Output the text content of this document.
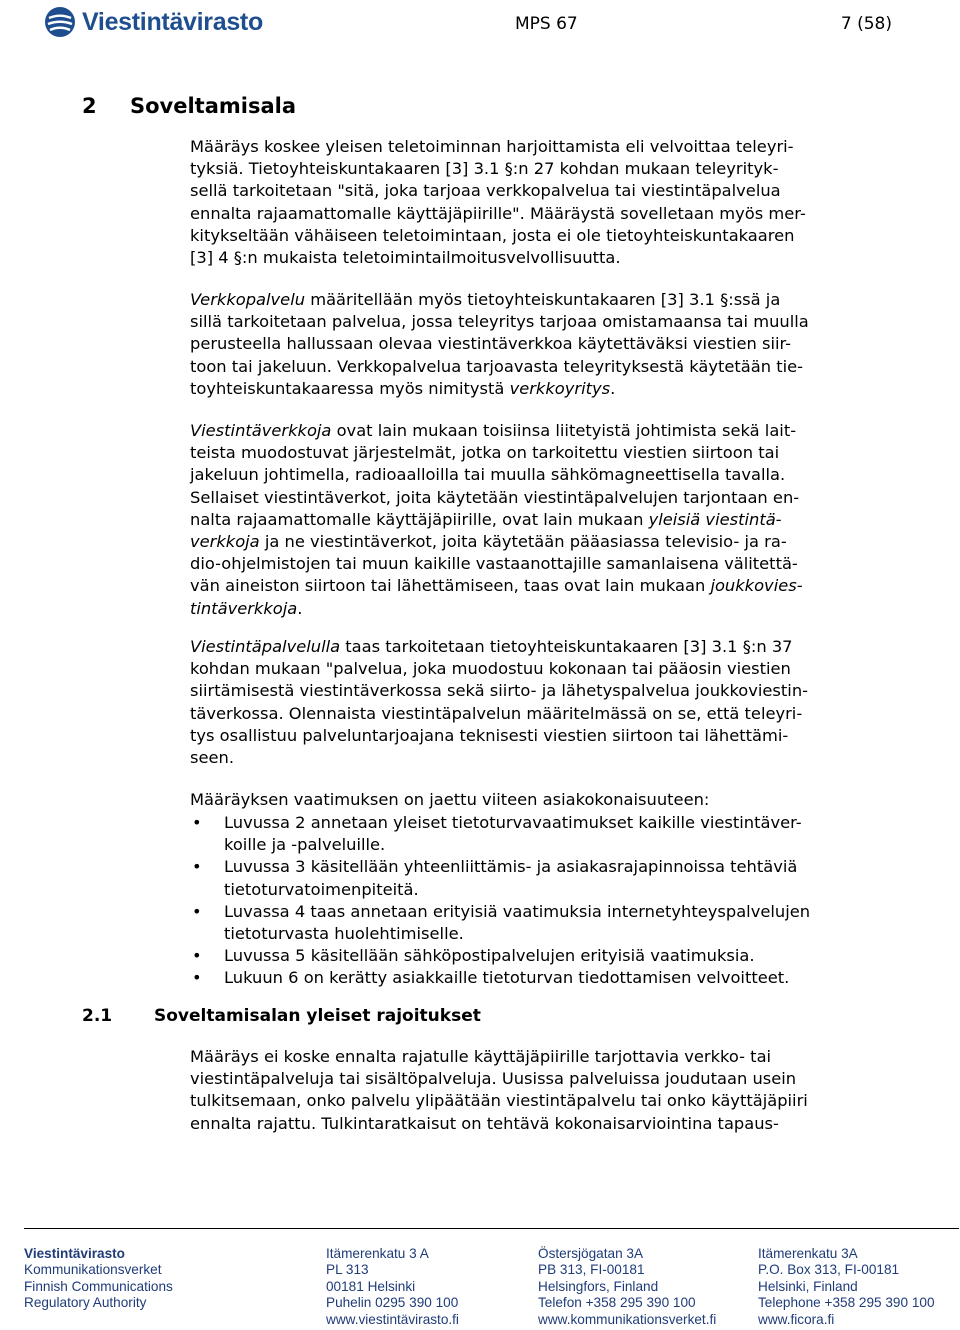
Viestintävirasto	MPS 67	7 (58)
2 Soveltamisala

Määräys koskee yleisen teletoiminnan harjoittamista eli velvoittaa teleyri-
tyksiä. Tietoyhteiskuntakaaren [3] 3.1 §:n 27 kohdan mukaan teleyrityk-
sellä tarkoitetaan "sitä, joka tarjoaa verkkopalvelua tai viestintäpalvelua
ennalta rajaamattomalle käyttäjäpiirille". Määräystä sovelletaan myös mer-
kitykseltään vähäiseen teletoimintaan, josta ei ole tietoyhteiskuntakaaren
[3] 4 §:n mukaista teletoimintailmoitusvelvollisuutta.

Verkkopalvelu määritellään myös tietoyhteiskuntakaaren [3] 3.1 §:ssä ja
sillä tarkoitetaan palvelua, jossa teleyritys tarjoaa omistamaansa tai muulla
perusteella hallussaan olevaa viestintäverkkoa käytettäväksi viestien siir-
toon tai jakeluun. Verkkopalvelua tarjoavasta teleyrityksestä käytetään tie-
toyhteiskuntakaaressa myös nimitystä verkkoyritys.

Viestintäverkkoja ovat lain mukaan toisiinsa liitetyistä johtimista sekä lait-
teista muodostuvat järjestelmät, jotka on tarkoitettu viestien siirtoon tai
jakeluun johtimella, radioaalloilla tai muulla sähkömagneettisella tavalla.
Sellaiset viestintäverkot, joita käytetään viestintäpalvelujen tarjontaan en-
nalta rajaamattomalle käyttäjäpiirille, ovat lain mukaan yleisiä viestintä-
verkkoja ja ne viestintäverkot, joita käytetään pääasiassa televisio- ja ra-
dio-ohjelmistojen tai muun kaikille vastaanottajille samanlaisena välitettä-
vän aineiston siirtoon tai lähettämiseen, taas ovat lain mukaan joukkovies-
tintäverkkoja.

Viestintäpalvelulla taas tarkoitetaan tietoyhteiskuntakaaren [3] 3.1 §:n 37
kohdan mukaan "palvelua, joka muodostuu kokonaan tai pääosin viestien
siirtämisestä viestintäverkossa sekä siirto- ja lähetyspalvelua joukkoviestin-
täverkossa. Olennaista viestintäpalvelun määritelmässä on se, että teleyri-
tys osallistuu palveluntarjoajana teknisesti viestien siirtoon tai lähettämi-
seen.

Määräyksen vaatimuksen on jaettu viiteen asiakokonaisuuteen:

• Luvussa 2 annetaan yleiset tietoturvavaatimukset kaikille viestintäver-
koille ja -palveluille.
• Luvussa 3 käsitellään yhteenliittämis- ja asiakasrajapinnoissa tehtäviä
tietoturvatoimenpiteitä.
• Luvassa 4 taas annetaan erityisiä vaatimuksia internetyhteyspalvelujen
tietoturvasta huolehtimiselle.
• Luvussa 5 käsitellään sähköpostipalvelujen erityisiä vaatimuksia.
• Lukuun 6 on kerätty asiakkaille tietoturvan tiedottamisen velvoitteet.
2.1 Soveltamisalan yleiset rajoitukset

Määräys ei koske ennalta rajatulle käyttäjäpiirille tarjottavia verkko- tai
viestintäpalveluja tai sisältöpalveluja. Uusissa palveluissa joudutaan usein
tulkitsemaan, onko palvelu ylipäätään viestintäpalvelu tai onko käyttäjäpiiri
ennalta rajattu. Tulkintaratkaisut on tehtävä kokonaisarviointina tapaus-

Viestintävirasto
Kommunikationsverket
Finnish Communications
Regulatory Authority
Itämerenkatu 3 A
PL 313
00181 Helsinki
Puhelin 0295 390 100
www.viestintävirasto.fi
Östersjögatan 3A
PB 313, FI-00181
Helsingfors, Finland
Telefon +358 295 390 100
www.kommunikationsverket.fi
Itämerenkatu 3A
P.O. Box 313, FI-00181
Helsinki, Finland
Telephone +358 295 390 100
www.ficora.fi
